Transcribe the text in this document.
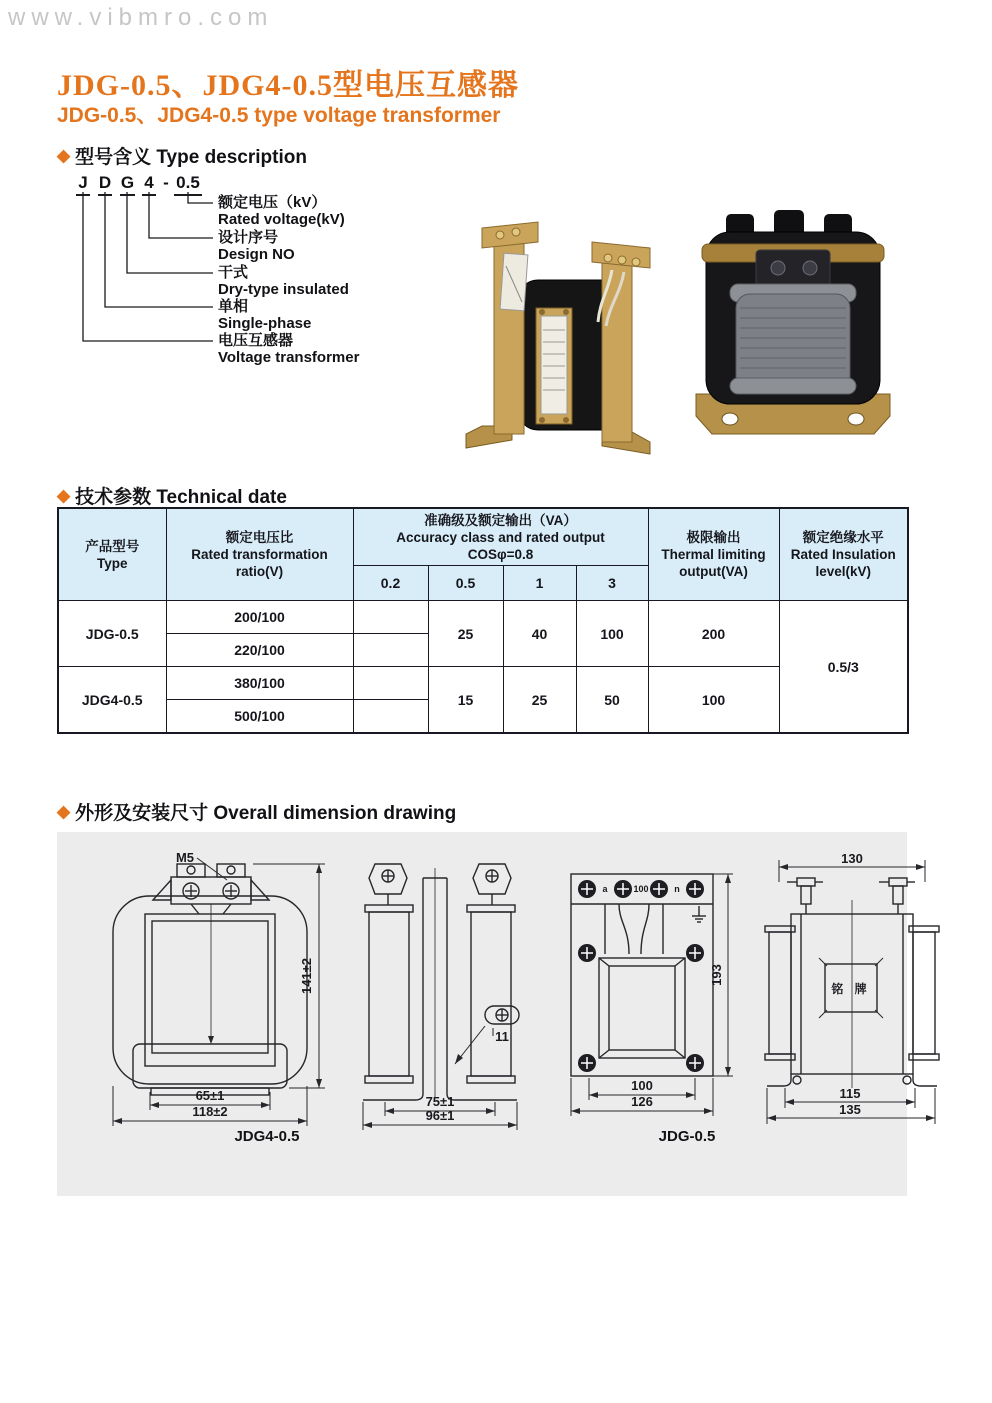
www.vibmro.com
JDG-0.5、JDG4-0.5型电压互感器
JDG-0.5、JDG4-0.5 type voltage transformer
◆ 型号含义 Type description
J D G 4 - 0.5
额定电压（kV）
Rated voltage(kV)
设计序号
Design NO
干式
Dry-type insulated
单相
Single-phase
电压互感器
Voltage transformer
◆ 技术参数 Technical date
产品型号
Type

额定电压比
Rated transformation
ratio(V)

准确级及额定输出（VA）
Accuracy class and rated output
COSφ=0.8

极限输出
Thermal limiting
output(VA)

额定绝缘水平
Rated Insulation
level(kV)

		0.2	0.5	1	3		
JDG-0.5	200/100		25	40	100	200	0.5/3
	220/100						
JDG4-0.5	380/100		15	25	50	100	
	500/100						
◆ 外形及安装尺寸 Overall dimension drawing
M5
141±2
65±1
118±2
11
75±1
96±1
a	100	n
193
100
126
130
铭 牌
115
135
JDG4-0.5	JDG-0.5
